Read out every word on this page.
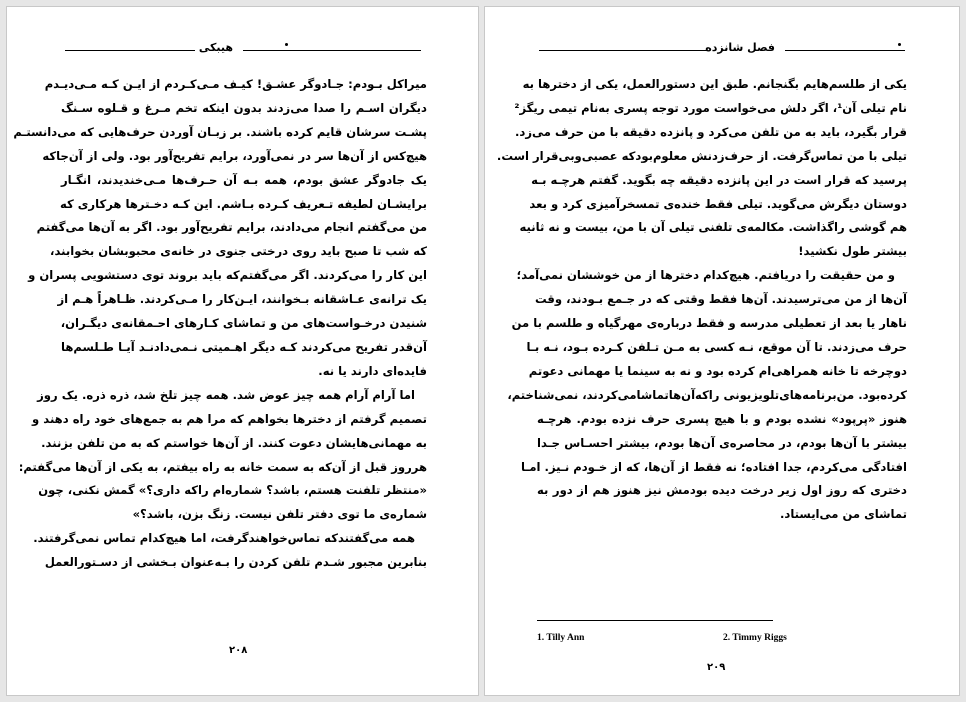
هیبکی
میراکل بـودم: جـادوگر عشـق! کیـف مـی‌کـردم از ایـن کـه مـی‌دیـدم
دیگران اسـم را صدا می‌زدند بدون اینکه تخم مـرغ و قـلوه سـنگ
پشـت سرشان قایم کرده باشند. بر زبـان آوردن حرف‌هایی که می‌دانستـم
هیچ‌کس از آن‌ها سر در نمی‌آورد، برایم تفریح‌آور بود. ولی از آن‌جاکه
یک جادوگر عشق بودم، همه بـه آن حـرف‌ها مـی‌خندیدند، انگـار
برایشـان لطیفه تـعریف کـرده بـاشم. این کـه دخـترها هرکاری که
من می‌گفتم انجام می‌دادند، برایم تفریح‌آور بود. اگر به آن‌ها می‌گفتم
که شب تا صبح باید روی درختی جنوی در خانه‌ی محبوبشان بخوابند،
این کار را می‌کردند. اگر می‌گفتم‌که باید بروند توی دستشویی پسران و
یک ترانه‌ی عـاشقانه بـخوانند، ایـن‌کار را مـی‌کردند. ظـاهراً هـم از
شنیدن درخـواست‌های من و تماشای کـارهای احـمقانه‌ی دیگـران،
آن‌قدر تفریح می‌کردند کـه دیگر اهـمیتی نـمی‌دادنـد آیـا طـلسم‌ها
فایده‌ای دارند یا نه.
اما آرام آرام همه چیز عوض شد. همه چیز تلخ شد، ذره ذره. یک روز
تصمیم گرفتم از دخترها بخواهم که مرا هم به جمع‌های خود راه دهند و
به مهمانی‌هایشان دعوت کنند. از آن‌ها خواستم که به من تلفن بزنند.
هرروز قبل از آن‌که به سمت خانه به راه بیفتم، به یکی از آن‌ها می‌گفتم:
«منتظر تلفنت هستم، باشد؟ شماره‌ام راکه داری؟» گمش نکنی، چون
شماره‌ی ما توی دفتر تلفن نیست. زنگ بزن، باشد؟»
همه می‌گفتندکه تماس‌خواهندگرفت، اما هیچ‌کدام تماس نمی‌گرفتند.
بنابرین مجبور شـدم تلفن کردن را بـه‌عنوان بـخشی از دسـتورالعمل
۲۰۸
فصل شانزده
یکی از طلسم‌هایم بگنجانم. طبق این دستورالعمل، یکی از دخترها به
نام تیلی آن¹، اگر دلش می‌خواست مورد توجه پسری به‌نام تیمی ریگز²
قرار بگیرد، باید به من تلفن می‌کرد و پانزده دقیقه با من حرف می‌زد.
تیلی با من تماس‌گرفت. از حرف‌زدنش معلوم‌بودکه عصبی‌وبی‌قرار است.
پرسید که قرار است در این پانزده دقیقه چه بگوید. گفتم هرچـه بـه
دوستان دیگرش می‌گوید. تیلی فقط خنده‌ی تمسخرآمیزی کرد و بعد
هم گوشی راگذاشت. مکالمه‌ی تلفنی تیلی آن با من، بیست و نه ثانیه
بیشتر طول نکشید!
و من حقیقت را دریافتم. هیچ‌کدام دخترها از من خوششان نمی‌آمد؛
آن‌ها از من می‌ترسیدند. آن‌ها فقط وقتی که در جـمع بـودند، وقت
ناهار یا بعد از تعطیلی مدرسه و فقط درباره‌ی مهرگیاه و طلسم با من
حرف می‌زدند. تا آن موقع، نـه کسی به مـن تـلفن کـرده بـود، نـه بـا
دوچرخه تا خانه همراهی‌ام کرده بود و نه به سینما یا مهمانی دعوتم
کرده‌بود. من‌برنامه‌های‌تلویزیونی راکه‌آن‌هاتماشامی‌کردند، نمی‌شناختم،
هنوز «پرپود» نشده بودم و با هیچ پسری حرف نزده بودم. هرچـه
بیشتر با آن‌ها بودم، در محاصره‌ی آن‌ها بودم، بیشتر احسـاس جـدا
افتادگی می‌کردم، جدا افتاده؛ نه فقط از آن‌ها، که از خـودم نـیز. امـا
دختری که روز اول زیر درخت دیده بودمش نیز هنوز هم از دور به
تماشای من می‌ایستاد.
1. Tilly Ann	2. Timmy Riggs
۲۰۹
